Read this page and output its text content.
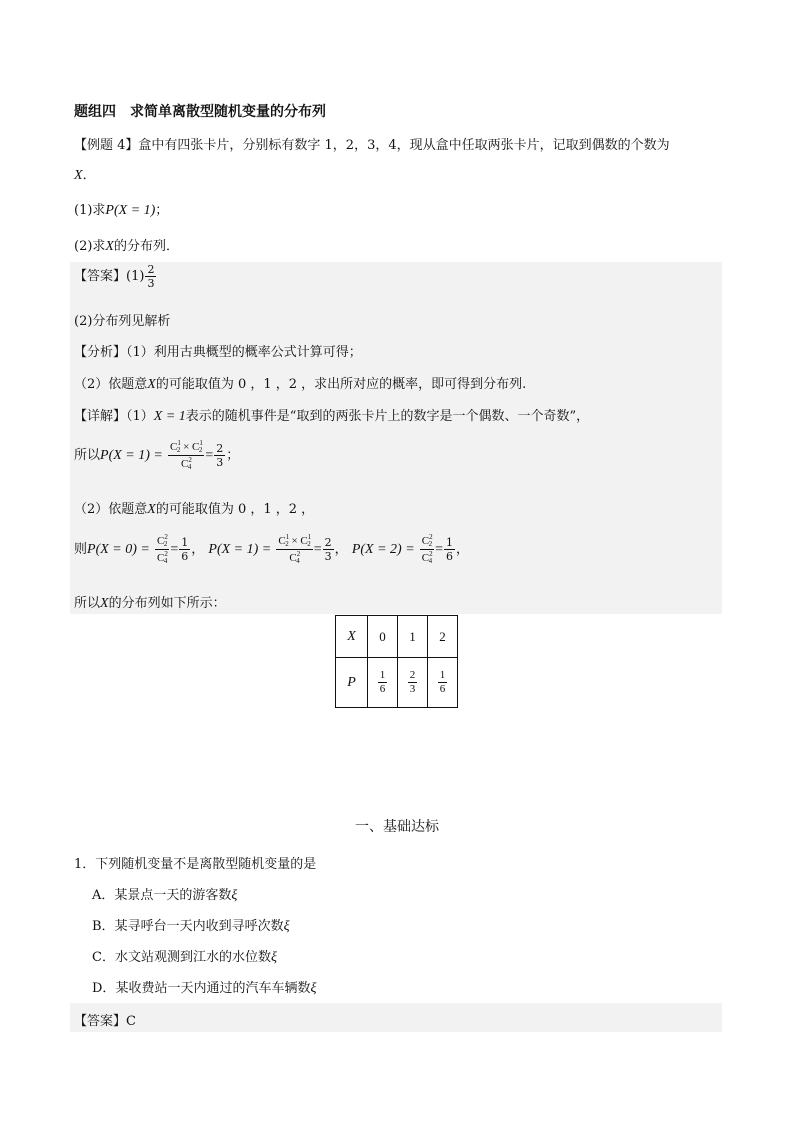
题组四　求简单离散型随机变量的分布列
【例题 4】盒中有四张卡片，分别标有数字 1，2，3，4，现从盒中任取两张卡片，记取到偶数的个数为
X．
(1)求P(X = 1)；
(2)求X的分布列．
【答案】$(1) \frac{2}{3}$
(2)分布列见解析
【分析】（1）利用古典概型的概率公式计算可得；
（2）依题意X的可能取值为 0 ，1 ，2 ，求出所对应的概率，即可得到分布列.
【详解】（1）X = 1表示的随机事件是“取到的两张卡片上的数字是一个偶数、一个奇数”，
所以$P(X = 1) = \frac{C^1_2 \times C^1_2}{C^2_4} = \frac{2}{3}$ ；
（2）依题意X的可能取值为 0 ，1 ，2 ，
则$P(X = 0) = \frac{C^2_2}{C^2_4} = \frac{1}{6}$ ， $P(X = 1) = \frac{C^1_2 \times C^1_2}{C^2_4} = \frac{2}{3}$ ， $P(X = 2) = \frac{C^2_2}{C^2_4} = \frac{1}{6}$ ，
所以X的分布列如下所示：
X	0	1	2
P	$\frac{1}{6}$	$\frac{2}{3}$	$\frac{1}{6}$
一、基础达标
1．下列随机变量不是离散型随机变量的是
A．某景点一天的游客数ξ
B．某寻呼台一天内收到寻呼次数ξ
C．水文站观测到江水的水位数ξ
D．某收费站一天内通过的汽车车辆数ξ
【答案】C
